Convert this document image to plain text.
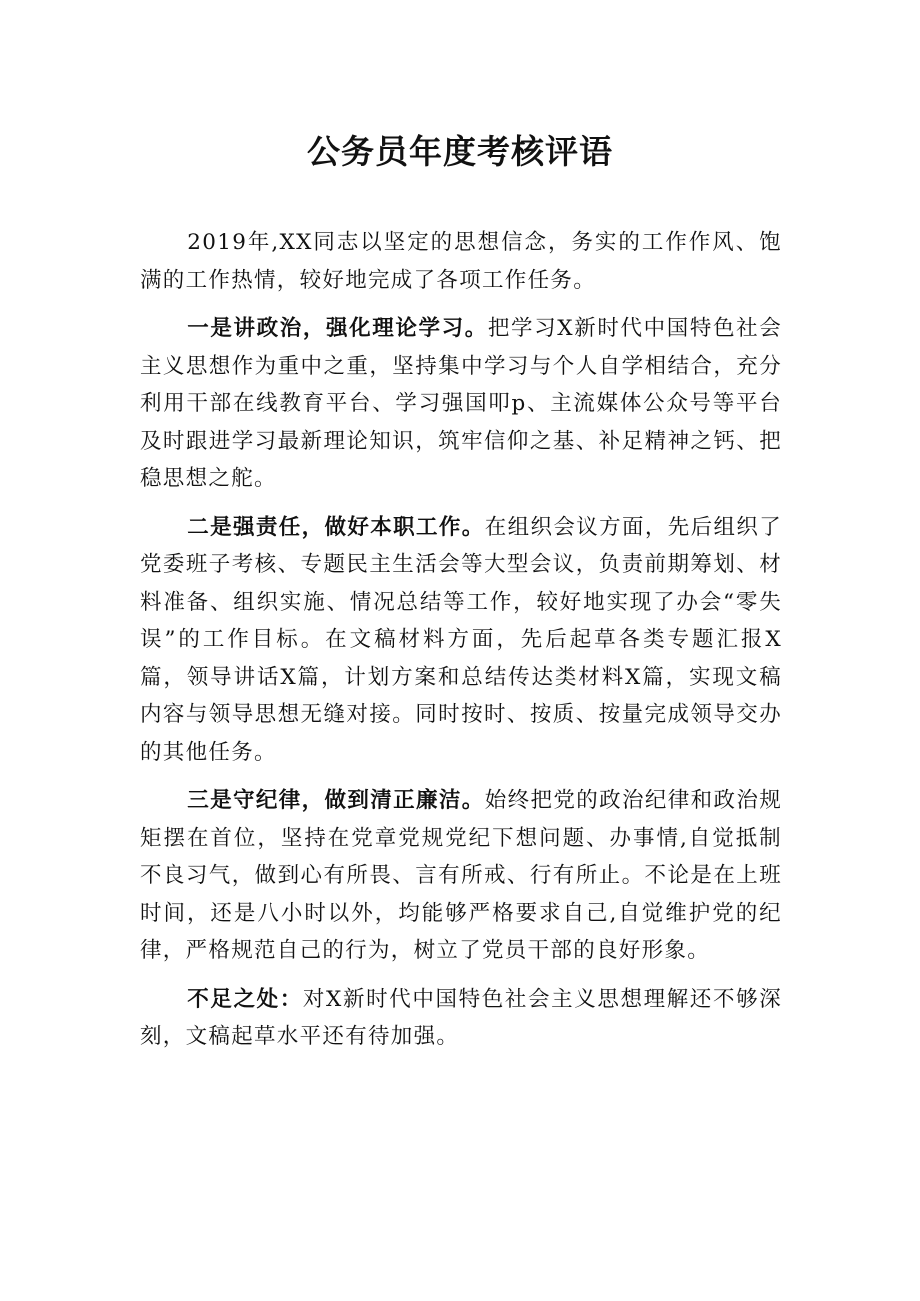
公务员年度考核评语

2019年,XX同志以坚定的思想信念，务实的工作作风、饱满的工作热情，较好地完成了各项工作任务。

一是讲政治，强化理论学习。把学习X新时代中国特色社会主义思想作为重中之重，坚持集中学习与个人自学相结合，充分利用干部在线教育平台、学习强国叩p、主流媒体公众号等平台及时跟进学习最新理论知识，筑牢信仰之基、补足精神之钙、把稳思想之舵。

二是强责任，做好本职工作。在组织会议方面，先后组织了党委班子考核、专题民主生活会等大型会议，负责前期筹划、材料准备、组织实施、情况总结等工作，较好地实现了办会“零失误”的工作目标。在文稿材料方面，先后起草各类专题汇报X篇，领导讲话X篇，计划方案和总结传达类材料X篇，实现文稿内容与领导思想无缝对接。同时按时、按质、按量完成领导交办的其他任务。

三是守纪律，做到清正廉洁。始终把党的政治纪律和政治规矩摆在首位，坚持在党章党规党纪下想问题、办事情,自觉抵制不良习气，做到心有所畏、言有所戒、行有所止。不论是在上班时间，还是八小时以外，均能够严格要求自己,自觉维护党的纪律，严格规范自己的行为，树立了党员干部的良好形象。

不足之处：对X新时代中国特色社会主义思想理解还不够深刻，文稿起草水平还有待加强。
